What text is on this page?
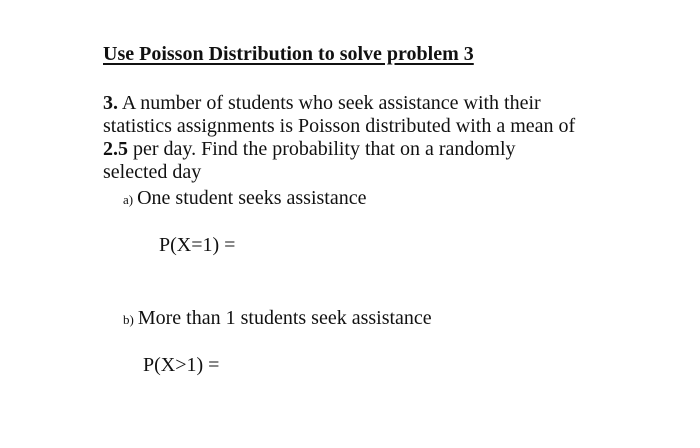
Use Poisson Distribution to solve problem 3
3. A number of students who seek assistance with their
statistics assignments is Poisson distributed with a mean of
2.5 per day. Find the probability that on a randomly
selected day
a) One student seeks assistance
P(X=1) =
b) More than 1 students seek assistance
P(X>1) =
